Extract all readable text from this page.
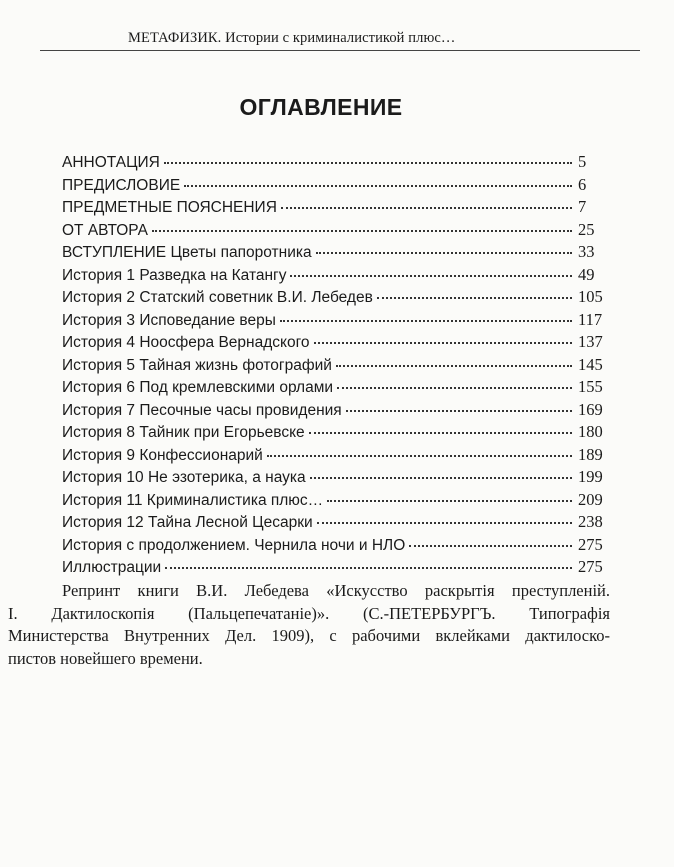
МЕТАФИЗИК. Истории с криминалистикой плюс…
ОГЛАВЛЕНИЕ
АННОТАЦИЯ	5
ПРЕДИСЛОВИЕ	6
ПРЕДМЕТНЫЕ ПОЯСНЕНИЯ	7
ОТ АВТОРА	25
ВСТУПЛЕНИЕ Цветы папоротника	33
История 1 Разведка на Катангу	49
История 2 Статский советник В.И. Лебедев	105
История 3 Исповедание веры	117
История 4 Ноосфера Вернадского	137
История 5 Тайная жизнь фотографий	145
История 6 Под кремлевскими орлами	155
История 7 Песочные часы провидения	169
История 8 Тайник при Егорьевске	180
История 9 Конфессионарий	189
История 10 Не эзотерика, а наука	199
История 11 Криминалистика плюс…	209
История 12 Тайна Лесной Цесарки	238
История с продолжением. Чернила ночи и НЛО	275
Иллюстрации	275
Репринт книги В.И. Лебедева «Искусство раскрытія преступленій.
I. Дактилоскопія (Пальцепечатаніе)». (С.-ПЕТЕРБУРГЪ. Типографія
Министерства Внутренних Дел. 1909), с рабочими вклейками дактилоско-
пистов новейшего времени.
